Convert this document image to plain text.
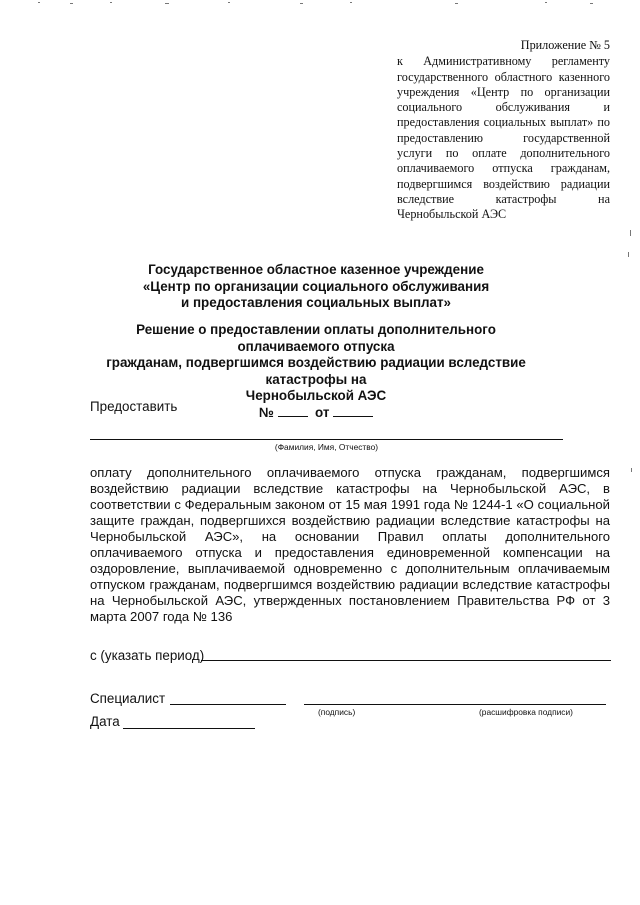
Приложение № 5
к Административному регламенту государственного областного казенного учреждения «Центр по организации социального обслуживания и предоставления социальных выплат» по предоставлению государственной услуги по оплате дополнительного оплачиваемого отпуска гражданам, подвергшимся воздействию радиации вследствие катастрофы на Чернобыльской АЭС
Государственное областное казенное учреждение
«Центр по организации социального обслуживания
и предоставления социальных выплат»
Решение о предоставлении оплаты дополнительного оплачиваемого отпуска
гражданам, подвергшимся воздействию радиации вследствие катастрофы на
Чернобыльской АЭС
№	от
Предоставить
(Фамилия, Имя, Отчество)
оплату дополнительного оплачиваемого отпуска гражданам, подвергшимся воздействию радиации вследствие катастрофы на Чернобыльской АЭС, в соответствии с Федеральным законом от 15 мая 1991 года № 1244-1 «О социальной защите граждан, подвергшихся воздействию радиации вследствие катастрофы на Чернобыльской АЭС», на основании Правил оплаты дополнительного оплачиваемого отпуска и предоставления единовременной компенсации на оздоровление, выплачиваемой одновременно с дополнительным оплачиваемым отпуском гражданам, подвергшимся воздействию радиации вследствие катастрофы на Чернобыльской АЭС, утвержденных постановлением Правительства РФ от 3 марта 2007 года № 136
с (указать период)
Специалист
(подпись)	(расшифровка подписи)
Дата
